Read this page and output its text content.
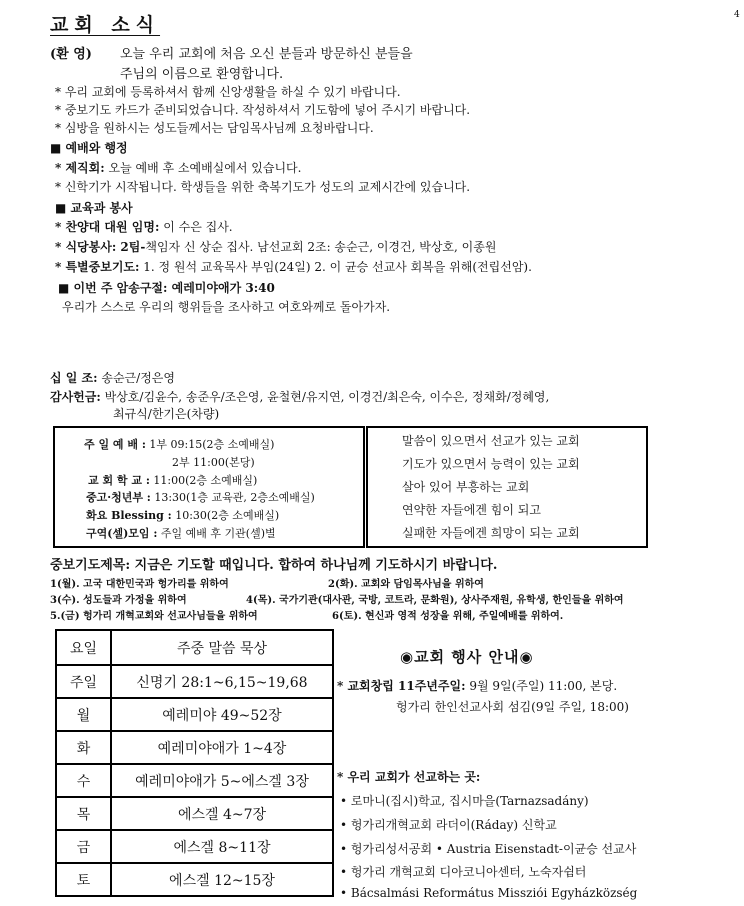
교회 소식	4
(환 영) 오늘 우리 교회에 처음 오신 분들과 방문하신 분들을
주님의 이름으로 환영합니다.
* 우리 교회에 등록하셔서 함께 신앙생활을 하실 수 있기 바랍니다.
* 중보기도 카드가 준비되었습니다. 작성하셔서 기도함에 넣어 주시기 바랍니다.
* 심방을 원하시는 성도들께서는 담임목사님께 요청바랍니다.
■ 예배와 행정
* 제직회: 오늘 예배 후 소예배실에서 있습니다.
* 신학기가 시작됩니다. 학생들을 위한 축복기도가 성도의 교제시간에 있습니다.
■ 교육과 봉사
* 찬양대 대원 임명: 이 수은 집사.
* 식당봉사: 2팀-책임자 신 상순 집사. 남선교회 2조: 송순근, 이경건, 박상호, 이종원
* 특별중보기도: 1. 정 원석 교육목사 부임(24일) 2. 이 균승 선교사 회복을 위해(전립선암).
■ 이번 주 암송구절: 예레미야애가 3:40
우리가 스스로 우리의 행위들을 조사하고 여호와께로 돌아가자.
십 일 조: 송순근/정은영
감사헌금: 박상호/김윤수, 송준우/조은영, 윤철현/유지연, 이경건/최은숙, 이수은, 정채화/정혜영,
최규식/한기은(차량)
주 일 예 배 : 1부 09:15(2층 소예배실)
2부 11:00(본당)
교 회 학 교 : 11:00(2층 소예배실)
중고·청년부 : 13:30(1층 교육관, 2층소예배실)
화요 Blessing : 10:30(2층 소예배실)
구역(셀)모임 : 주일 예배 후 기관(셀)별
말씀이 있으면서 선교가 있는 교회
기도가 있으면서 능력이 있는 교회
살아 있어 부흥하는 교회
연약한 자들에겐 힘이 되고
실패한 자들에겐 희망이 되는 교회
중보기도제목: 지금은 기도할 때입니다. 합하여 하나님께 기도하시기 바랍니다.
1(월). 고국 대한민국과 헝가리를 위하여	2(화). 교회와 담임목사님을 위하여
3(수). 성도들과 가정을 위하여	4(목). 국가기관(대사관, 국방, 코트라, 문화원), 상사주재원, 유학생, 한인들을 위하여
5.(금) 헝가리 개혁교회와 선교사님들을 위하여	6(토). 현신과 영적 성장을 위해, 주일예배를 위하여.
요일	주중 말씀 묵상
주일	신명기 28:1~6,15~19,68
월	예레미야 49~52장
화	예레미야애가 1~4장
수	예레미야애가 5~에스겔 3장
목	에스겔 4~7장
금	에스겔 8~11장
토	에스겔 12~15장
◉교회 행사 안내◉
* 교회창립 11주년주일: 9월 9일(주일) 11:00, 본당.
헝가리 한인선교사회 섬김(9일 주일, 18:00)
* 우리 교회가 선교하는 곳:
• 로마니(집시)학교, 집시마을(Tarnazsadány)
• 헝가리개혁교회 라더이(Ráday) 신학교
• 헝가리성서공회 • Austria Eisenstadt-이균승 선교사
• 헝가리 개혁교회 디아코니아센터, 노숙자쉼터
• Bácsalmási Református Missziói Egyházközség
